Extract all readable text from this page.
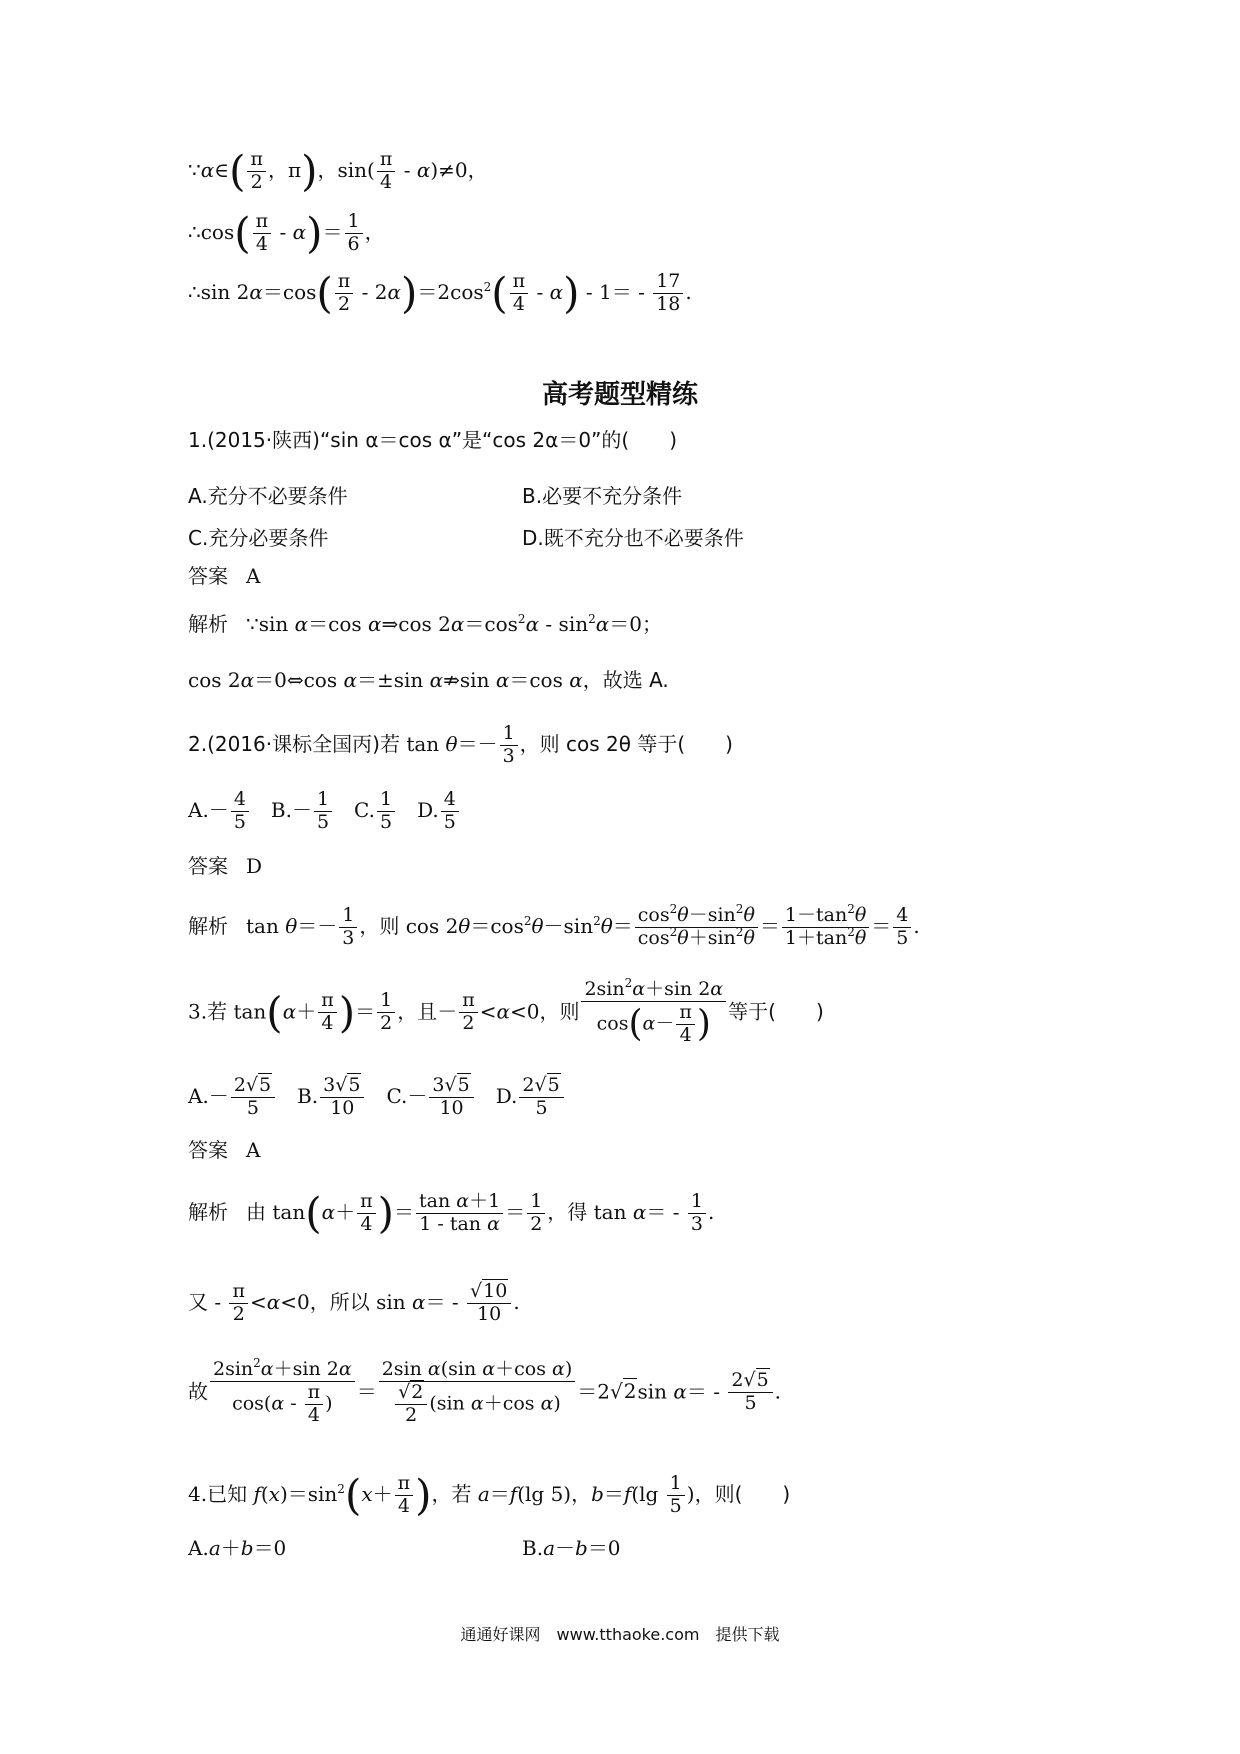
∵α∈( $\frac{\pi}{2}$ ，π)，$\sin( \frac{\pi}{4} - \alpha)\ne 0$，
∴cos( $\frac{\pi}{4} - \alpha)= \frac{1}{6}$ ，
∴sin $2\alpha=\cos( \frac{\pi}{2} - 2\alpha)=2\cos^2( \frac{\pi}{4} - \alpha) - 1= - \frac{17}{18}$ .
高考题型精练
1.(2015·陕西)“sin α＝cos α”是“cos 2α＝0”的(　　)
A.充分不必要条件	B.必要不充分条件
C.充分必要条件	D.既不充分也不必要条件
答案 A
解析 ∵sin α＝cos α⇒cos $2\alpha=\cos^2\alpha - \sin^2\alpha=0$；
cos 2α＝0⇔cos α＝±sin α⇏sin α＝cos α，故选 A.
2.(2016·课标全国丙)若 $\tan \theta=- \frac{1}{3}$ ，则 cos 2θ 等于(　　)
$A.- \frac{4}{5}$ 　$B.- \frac{1}{5}$ 　C. $\frac{1}{5}$ 　D. $\frac{4}{5}$
答案 D
解析 $\tan \theta=- \frac{1}{3}$ ，则 $\cos 2\theta=\cos^2\theta-\sin^2\theta= \frac{\cos^2\theta-\sin^2\theta}{\cos^2\theta+\sin^2\theta} = \frac{1-\tan^2\theta}{1+\tan^2\theta} = \frac{4}{5}$ .
3.若 $\tan(\alpha+ \frac{\pi}{4}$ )＝ $\frac{1}{2}$ ，且－ $\frac{\pi}{2} <\alpha<0$，则 $\frac{2\sin^2\alpha+\sin 2\alpha}{\cos(\alpha- \frac{\pi}{4} )}$ 等于(　　)
$A.- \frac{2√5}{5}$ 　B. $\frac{3√5}{10}$ 　$C.- \frac{3√5}{10}$ 　D. $\frac{2√5}{5}$
答案 A
解析 由 $\tan(\alpha+ \frac{\pi}{4}$ )＝ $\frac{\text{tan α＋1}}{\text{1 - tan α}} = \frac{1}{2}$ ，得 $\tan \alpha= - \frac{1}{3}$ .
又 - $\frac{\pi}{2} <\alpha<0$，所以 $\sin \alpha= - \frac{√10}{10}$ .
故 $\frac{2\sin^2\alpha+\sin 2\alpha}{\cos(\alpha - \frac{\pi}{4} )} = \frac{\text{2sin α(sin α＋cos α)}}{\frac{√2}{2} (\sin \alpha+\cos \alpha)} =2√2\sin$ $\alpha= - \frac{2√5}{5}$ .
4.已知 $f(x)=\sin^2(x+ \frac{\pi}{4}$ )，若 a＝f(lg 5)，$b=f(\lg \frac{1}{5}$ )，则(　　)
A.a＋b＝0	B.a－b＝0
通通好课网　www.tthaoke.com　提供下载
